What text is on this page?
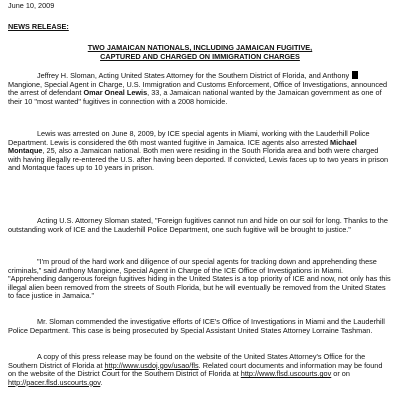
June 10, 2009
NEWS RELEASE:
TWO JAMAICAN NATIONALS, INCLUDING JAMAICAN FUGITIVE,
CAPTURED AND CHARGED ON IMMIGRATION CHARGES

Jeffrey H. Sloman, Acting United States Attorney for the Southern District of Florida, and Anthony  Mangione, Special Agent in Charge, U.S. Immigration and Customs Enforcement, Office of Investigations, announced the arrest of defendant Omar Oneal Lewis, 33, a Jamaican national wanted by the Jamaican government as one of their 10 "most wanted" fugitives in connection with a 2008 homicide.

Lewis was arrested on June 8, 2009, by ICE special agents in Miami, working with the Lauderhill Police Department. Lewis is considered the 6th most wanted fugitive in Jamaica. ICE agents also arrested Michael Montaque, 25, also a Jamaican national. Both men were residing in the South Florida area and both were charged with having illegally re-entered the U.S. after having been deported. If convicted, Lewis faces up to two years in prison and Montaque faces up to 10 years in prison.

Acting U.S. Attorney Sloman stated, "Foreign fugitives cannot run and hide on our soil for long. Thanks to the outstanding work of ICE and the Lauderhill Police Department, one such fugitive will be brought to justice."

"I'm proud of the hard work and diligence of our special agents for tracking down and apprehending these criminals," said Anthony Mangione, Special Agent in Charge of the ICE Office of Investigations in Miami. "Apprehending dangerous foreign fugitives hiding in the United States is a top priority of ICE and now, not only has this illegal alien been removed from the streets of South Florida, but he will eventually be removed from the United States to face justice in Jamaica."

Mr. Sloman commended the investigative efforts of ICE's Office of Investigations in Miami and the Lauderhill Police Department. This case is being prosecuted by Special Assistant United States Attorney Lorraine Tashman.

A copy of this press release may be found on the website of the United States Attorney's Office for the Southern District of Florida at http://www.usdoj.gov/usao/fls. Related court documents and information may be found on the website of the District Court for the Southern District of Florida at http://www.flsd.uscourts.gov or on http://pacer.flsd.uscourts.gov.
